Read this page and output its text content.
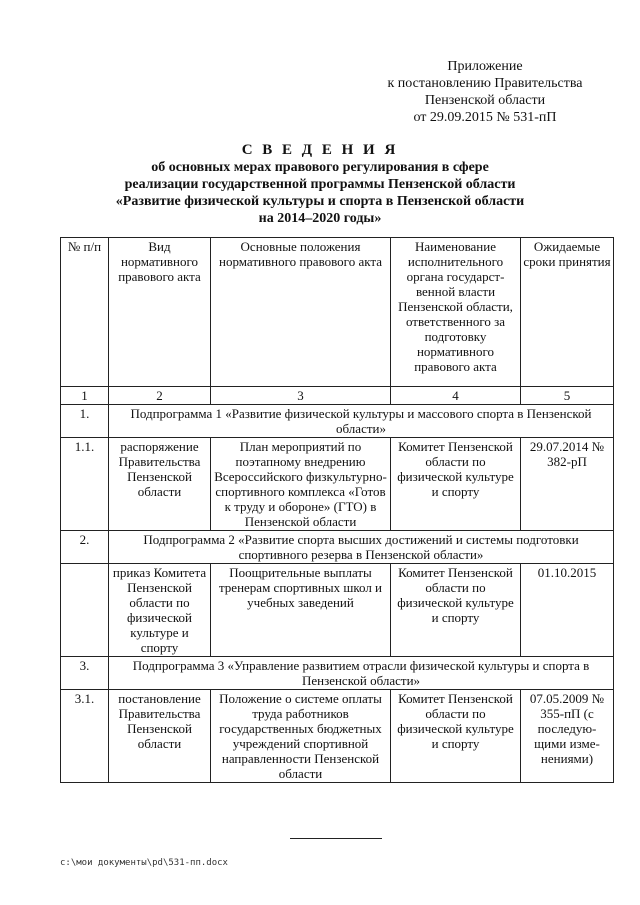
Приложение
к постановлению Правительства
Пензенской области
от 29.09.2015 № 531-пП
С В Е Д Е Н И Я
об основных мерах правового регулирования в сфере
реализации государственной программы Пензенской области
«Развитие физической культуры и спорта в Пензенской области
на 2014–2020 годы»
№ п/п	Вид нормативного правового акта	Основные положения нормативного правового акта	Наименование исполнительного органа государст-венной власти Пензенской области, ответственного за подготовку нормативного правового акта	Ожидаемые сроки принятия
1	2	3	4	5
1.	Подпрограмма 1 «Развитие физической культуры и массового спорта в Пензенской области»			
1.1.	распоряжение Правительства Пензенской области	План мероприятий по поэтапному внедрению Всероссийского физкультурно-спортивного комплекса «Готов к труду и обороне» (ГТО) в Пензенской области	Комитет Пензенской области по физической культуре и спорту	29.07.2014 № 382-рП
2.	Подпрограмма 2 «Развитие спорта высших достижений и системы подготовки спортивного резерва в Пензенской области»			
	приказ Комитета Пензенской области по физической культуре и спорту	Поощрительные выплаты тренерам спортивных школ и учебных заведений	Комитет Пензенской области по физической культуре и спорту	01.10.2015
3.	Подпрограмма 3 «Управление развитием отрасли физической культуры и спорта в Пензенской области»			
3.1.	постановление Правительства Пензенской области	Положение о системе оплаты труда работников государственных бюджетных учреждений спортивной направленности Пензенской области	Комитет Пензенской области по физической культуре и спорту	07.05.2009 № 355-пП (с последую-щими изме-нениями)
c:\мои документы\pd\531-пп.docx
